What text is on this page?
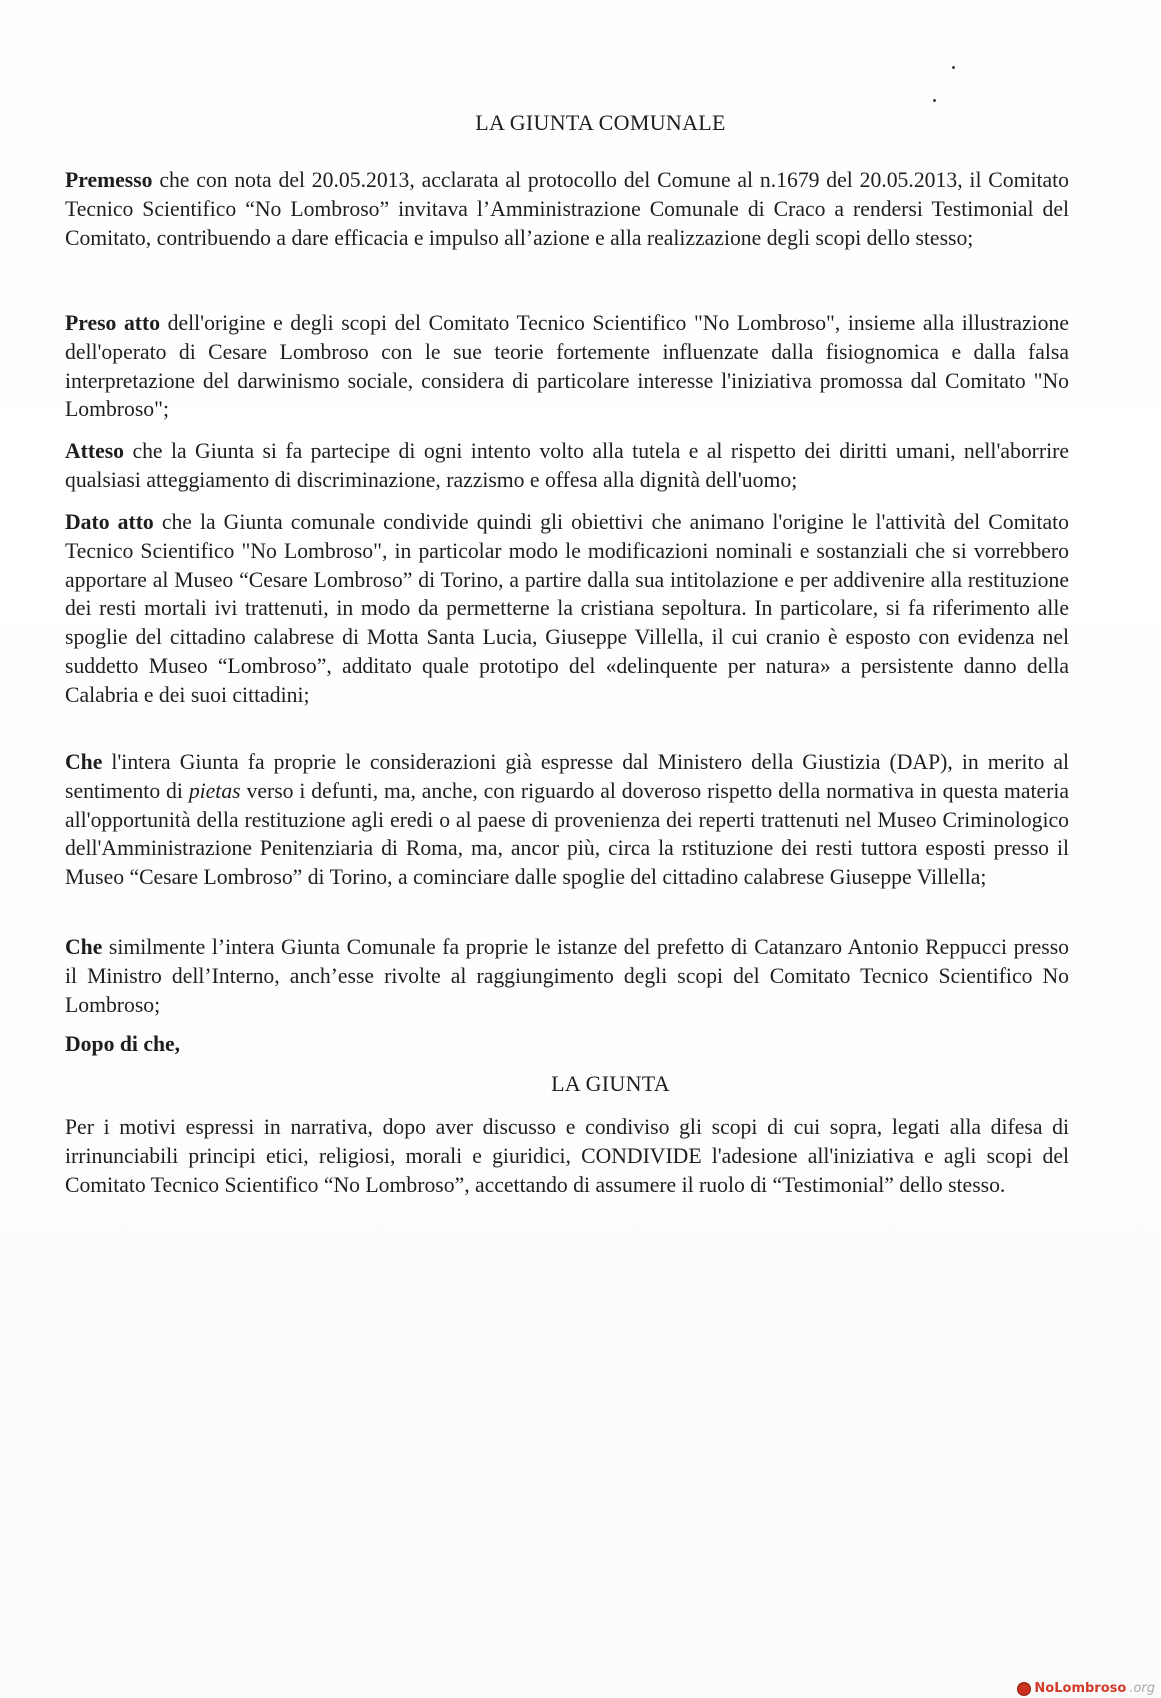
LA GIUNTA COMUNALE

Premesso che con nota del 20.05.2013, acclarata al protocollo del Comune al n.1679 del 20.05.2013, il Comitato Tecnico Scientifico “No Lombroso” invitava l’Amministrazione Comunale di Craco a rendersi Testimonial del Comitato, contribuendo a dare efficacia e impulso all’azione e alla realizzazione degli scopi dello stesso;

Preso atto dell'origine e degli scopi del Comitato Tecnico Scientifico "No Lombroso", insieme alla illustrazione dell'operato di Cesare Lombroso con le sue teorie fortemente influenzate dalla fisiognomica e dalla falsa interpretazione del darwinismo sociale, considera di particolare interesse l'iniziativa promossa dal Comitato "No Lombroso";

Atteso che la Giunta si fa partecipe di ogni intento volto alla tutela e al rispetto dei diritti umani, nell'aborrire qualsiasi atteggiamento di discriminazione, razzismo e offesa alla dignità dell'uomo;

Dato atto che la Giunta comunale condivide quindi gli obiettivi che animano l'origine le l'attività del Comitato Tecnico Scientifico "No Lombroso", in particolar modo le modificazioni nominali e sostanziali che si vorrebbero apportare al Museo “Cesare Lombroso” di Torino, a partire dalla sua intitolazione e per addivenire alla restituzione dei resti mortali ivi trattenuti, in modo da permetterne la cristiana sepoltura. In particolare, si fa riferimento alle spoglie del cittadino calabrese di Motta Santa Lucia, Giuseppe Villella, il cui cranio è esposto con evidenza nel suddetto Museo “Lombroso”, additato quale prototipo del «delinquente per natura» a persistente danno della Calabria e dei suoi cittadini;

Che l'intera Giunta fa proprie le considerazioni già espresse dal Ministero della Giustizia (DAP), in merito al sentimento di pietas verso i defunti, ma, anche, con riguardo al doveroso rispetto della normativa in questa materia all'opportunità della restituzione agli eredi o al paese di provenienza dei reperti trattenuti nel Museo Criminologico dell'Amministrazione Penitenziaria di Roma, ma, ancor più, circa la rstituzione dei resti tuttora esposti presso il Museo “Cesare Lombroso” di Torino, a cominciare dalle spoglie del cittadino calabrese Giuseppe Villella;

Che similmente l’intera Giunta Comunale fa proprie le istanze del prefetto di Catanzaro Antonio Reppucci presso il Ministro dell’Interno, anch’esse rivolte al raggiungimento degli scopi del Comitato Tecnico Scientifico No Lombroso;

Dopo di che,

LA GIUNTA

Per i motivi espressi in narrativa, dopo aver discusso e condiviso gli scopi di cui sopra, legati alla difesa di irrinunciabili principi etici, religiosi, morali e giuridici, CONDIVIDE l'adesione all'iniziativa e agli scopi del Comitato Tecnico Scientifico “No Lombroso”, accettando di assumere il ruolo di “Testimonial” dello stesso.

NoLombroso .org
